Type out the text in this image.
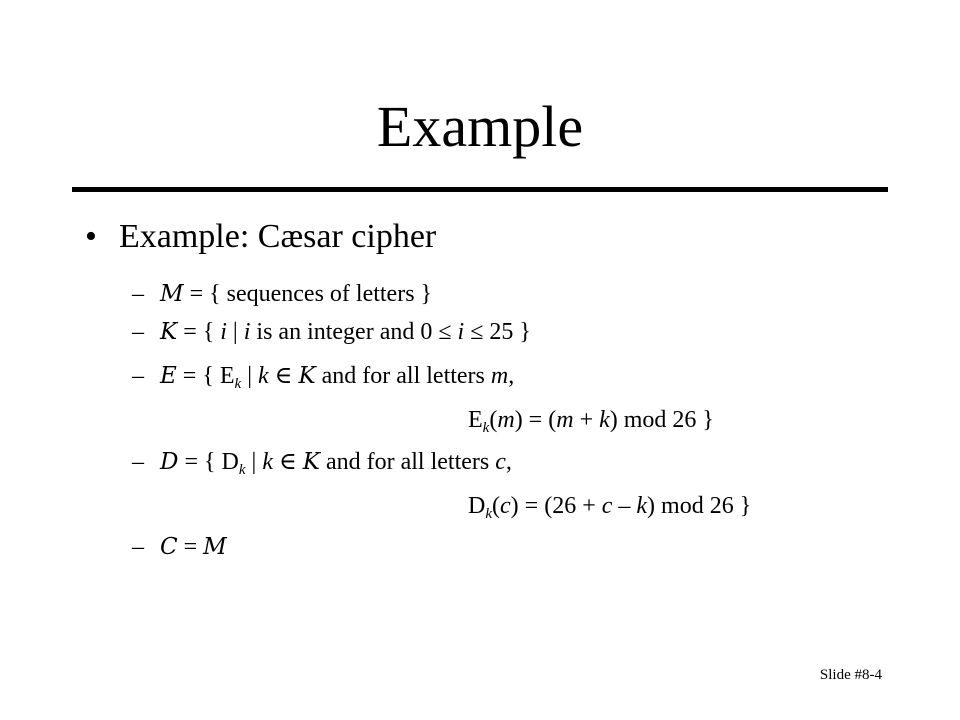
Example
• Example: Cæsar cipher
– M = { sequences of letters }
– K = { i | i is an integer and 0 ≤ i ≤ 25 }
– E = { $E_k$ | k ∈ K and for all letters m,
$E_k(m) = (m + k)$ mod 26 }
– D = { $D_k$ | k ∈ K and for all letters c,
$D_k(c) = (26 + c - k)$ mod 26 }
– C = M
Slide #8-4
